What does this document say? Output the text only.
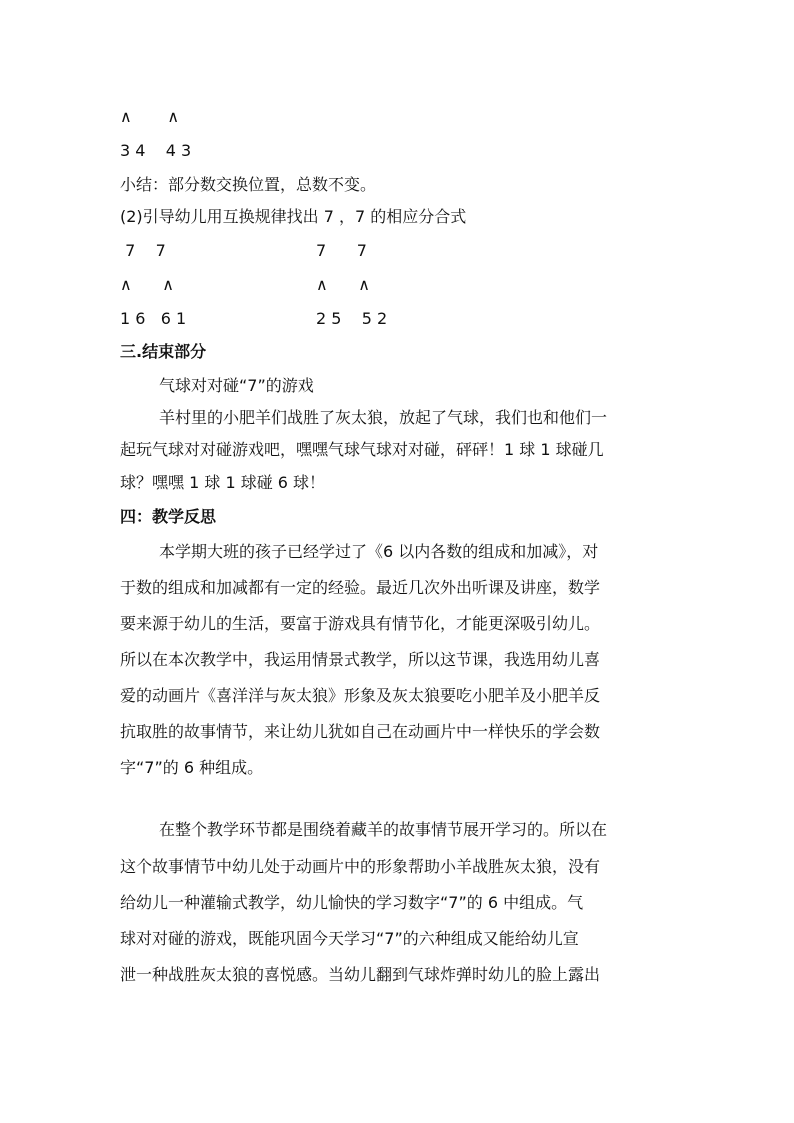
∧       ∧
3 4    4 3
小结：部分数交换位置，总数不变。
(2)引导幼儿用互换规律找出 7 ，7 的相应分合式
7    7	7      7
∧      ∧	∧      ∧
1 6   6 1	2 5    5 2
三.结束部分
气球对对碰“7”的游戏
羊村里的小肥羊们战胜了灰太狼，放起了气球，我们也和他们一
起玩气球对对碰游戏吧，嘿嘿气球气球对对碰，砰砰！1 球 1 球碰几
球？嘿嘿 1 球 1 球碰 6 球！
四：教学反思
本学期大班的孩子已经学过了《6 以内各数的组成和加减》，对
于数的组成和加减都有一定的经验。最近几次外出听课及讲座，数学
要来源于幼儿的生活，要富于游戏具有情节化，才能更深吸引幼儿。
所以在本次教学中，我运用情景式教学，所以这节课，我选用幼儿喜
爱的动画片《喜洋洋与灰太狼》形象及灰太狼要吃小肥羊及小肥羊反
抗取胜的故事情节，来让幼儿犹如自己在动画片中一样快乐的学会数
字“7”的 6 种组成。
在整个教学环节都是围绕着藏羊的故事情节展开学习的。所以在
这个故事情节中幼儿处于动画片中的形象帮助小羊战胜灰太狼，没有
给幼儿一种灌输式教学，幼儿愉快的学习数字“7”的 6 中组成。气
球对对碰的游戏，既能巩固今天学习“7”的六种组成又能给幼儿宣
泄一种战胜灰太狼的喜悦感。当幼儿翻到气球炸弹时幼儿的脸上露出
